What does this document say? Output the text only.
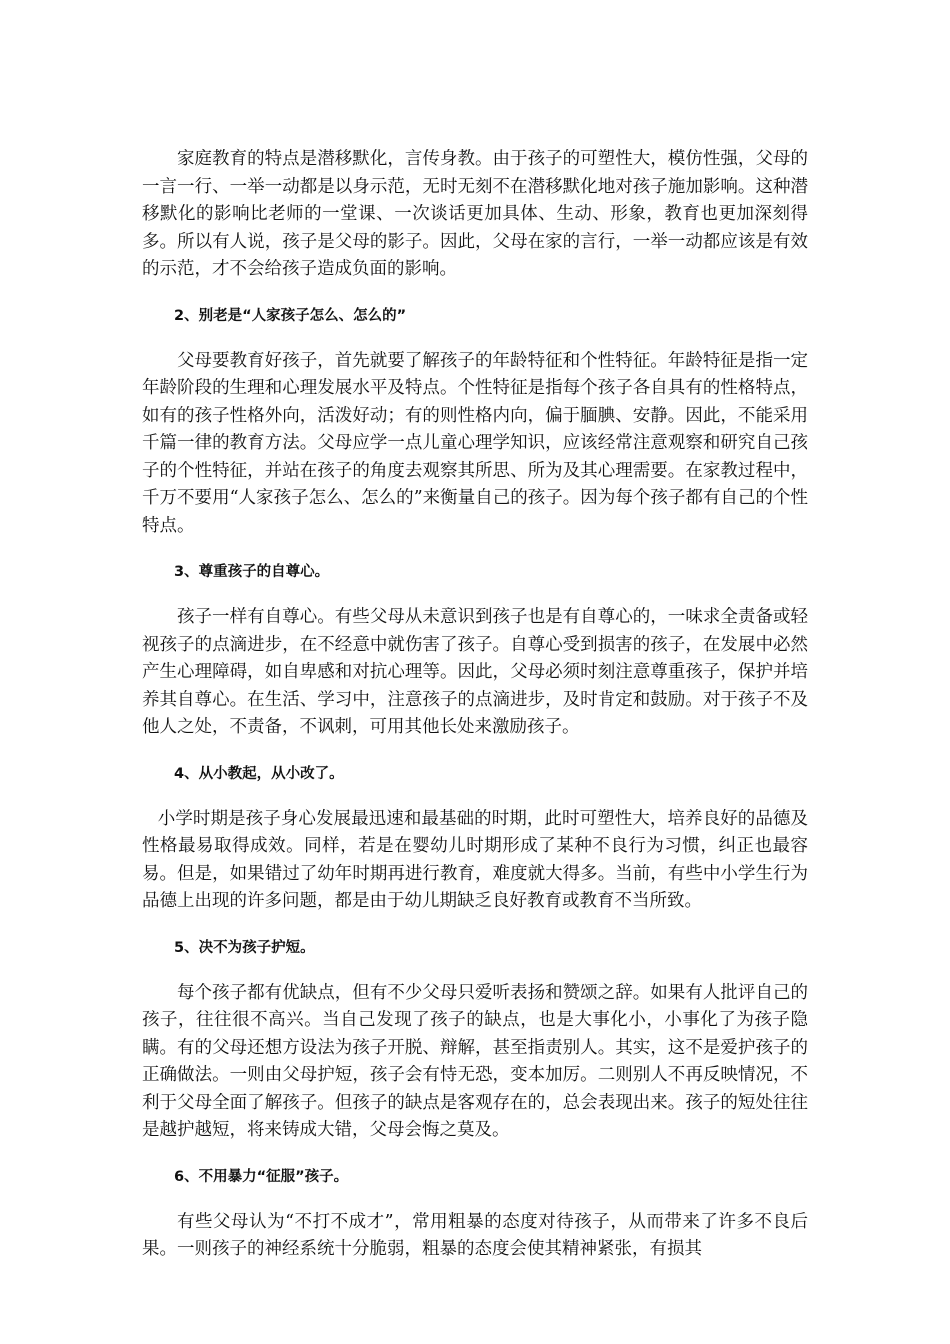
家庭教育的特点是潜移默化，言传身教。由于孩子的可塑性大，模仿性强，父母的一言一行、一举一动都是以身示范，无时无刻不在潜移默化地对孩子施加影响。这种潜移默化的影响比老师的一堂课、一次谈话更加具体、生动、形象，教育也更加深刻得多。所以有人说，孩子是父母的影子。因此，父母在家的言行，一举一动都应该是有效的示范，才不会给孩子造成负面的影响。

2、别老是“人家孩子怎么、怎么的”

父母要教育好孩子，首先就要了解孩子的年龄特征和个性特征。年龄特征是指一定年龄阶段的生理和心理发展水平及特点。个性特征是指每个孩子各自具有的性格特点，如有的孩子性格外向，活泼好动；有的则性格内向，偏于腼腆、安静。因此，不能采用千篇一律的教育方法。父母应学一点儿童心理学知识，应该经常注意观察和研究自己孩子的个性特征，并站在孩子的角度去观察其所思、所为及其心理需要。在家教过程中，千万不要用“人家孩子怎么、怎么的”来衡量自己的孩子。因为每个孩子都有自己的个性特点。

3、尊重孩子的自尊心。

孩子一样有自尊心。有些父母从未意识到孩子也是有自尊心的，一味求全责备或轻视孩子的点滴进步，在不经意中就伤害了孩子。自尊心受到损害的孩子，在发展中必然产生心理障碍，如自卑感和对抗心理等。因此，父母必须时刻注意尊重孩子，保护并培养其自尊心。在生活、学习中，注意孩子的点滴进步，及时肯定和鼓励。对于孩子不及他人之处，不责备，不讽刺，可用其他长处来激励孩子。

4、从小教起，从小改了。

小学时期是孩子身心发展最迅速和最基础的时期，此时可塑性大，培养良好的品德及性格最易取得成效。同样，若是在婴幼儿时期形成了某种不良行为习惯，纠正也最容易。但是，如果错过了幼年时期再进行教育，难度就大得多。当前，有些中小学生行为品德上出现的许多问题，都是由于幼儿期缺乏良好教育或教育不当所致。

5、决不为孩子护短。

每个孩子都有优缺点，但有不少父母只爱听表扬和赞颂之辞。如果有人批评自己的孩子，往往很不高兴。当自己发现了孩子的缺点，也是大事化小，小事化了为孩子隐瞒。有的父母还想方设法为孩子开脱、辩解，甚至指责别人。其实，这不是爱护孩子的正确做法。一则由父母护短，孩子会有恃无恐，变本加厉。二则别人不再反映情况，不利于父母全面了解孩子。但孩子的缺点是客观存在的，总会表现出来。孩子的短处往往是越护越短，将来铸成大错，父母会悔之莫及。

6、不用暴力“征服”孩子。

有些父母认为“不打不成才”，常用粗暴的态度对待孩子，从而带来了许多不良后果。一则孩子的神经系统十分脆弱，粗暴的态度会使其精神紧张，有损其
